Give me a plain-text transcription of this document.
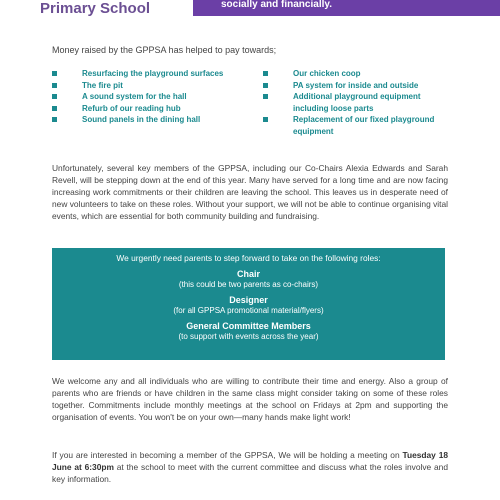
Primary School	socially and financially.
Money raised by the GPPSA has helped to pay towards;
Resurfacing the playground surfaces
The fire pit
A sound system for the hall
Refurb of our reading hub
Sound panels in the dining hall
Our chicken coop
PA system for inside and outside
Additional playground equipment including loose parts
Replacement of our fixed playground equipment
Unfortunately, several key members of the GPPSA, including our Co-Chairs Alexia Edwards and Sarah Revell, will be stepping down at the end of this year. Many have served for a long time and are now facing increasing work commitments or their children are leaving the school. This leaves us in desperate need of new volunteers to take on these roles. Without your support, we will not be able to continue organising vital events, which are essential for both community building and fundraising.
We urgently need parents to step forward to take on the following roles:
Chair
(this could be two parents as co-chairs)
Designer
(for all GPPSA promotional material/flyers)
General Committee Members
(to support with events across the year)
We welcome any and all individuals who are willing to contribute their time and energy. Also a group of parents who are friends or have children in the same class might consider taking on some of these roles together. Commitments include monthly meetings at the school on Fridays at 2pm and supporting the organisation of events. You won't be on your own—many hands make light work!
If you are interested in becoming a member of the GPPSA, We will be holding a meeting on Tuesday 18 June at 6:30pm at the school to meet with the current committee and discuss what the roles involve and key information.
